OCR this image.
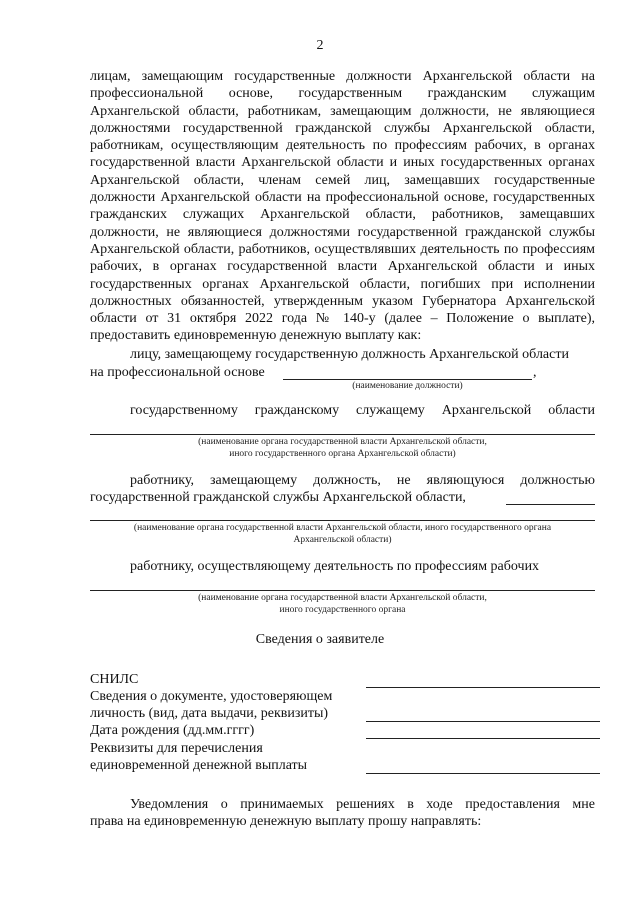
2
лицам, замещающим государственные должности Архангельской области на профессиональной основе, государственным гражданским служащим Архангельской области, работникам, замещающим должности, не являющиеся должностями государственной гражданской службы Архангельской области, работникам, осуществляющим деятельность по профессиям рабочих, в органах государственной власти Архангельской области и иных государственных органах Архангельской области, членам семей лиц, замещавших государственные должности Архангельской области на профессиональной основе, государственных гражданских служащих Архангельской области, работников, замещавших должности, не являющиеся должностями государственной гражданской службы Архангельской области, работников, осуществлявших деятельность по профессиям рабочих, в органах государственной власти Архангельской области и иных государственных органах Архангельской области, погибших при исполнении должностных обязанностей, утвержденным указом Губернатора Архангельской области от 31 октября 2022 года № 140-у (далее – Положение о выплате), предоставить единовременную денежную выплату как:
лицу, замещающему государственную должность Архангельской области
на профессиональной основе	,
(наименование должности)
государственному гражданскому служащему Архангельской области
(наименование органа государственной власти Архангельской области,
иного государственного органа Архангельской области)
работнику, замещающему должность, не являющуюся должностью
государственной гражданской службы Архангельской области,
(наименование органа государственной власти Архангельской области, иного государственного органа
Архангельской области)
работнику, осуществляющему деятельность по профессиям рабочих
(наименование органа государственной власти Архангельской области,
иного государственного органа
Сведения о заявителе
СНИЛС
Сведения о документе, удостоверяющем
личность (вид, дата выдачи, реквизиты)
Дата рождения (дд.мм.гггг)
Реквизиты для перечисления
единовременной денежной выплаты
Уведомления о принимаемых решениях в ходе предоставления мне
права на единовременную денежную выплату прошу направлять:
